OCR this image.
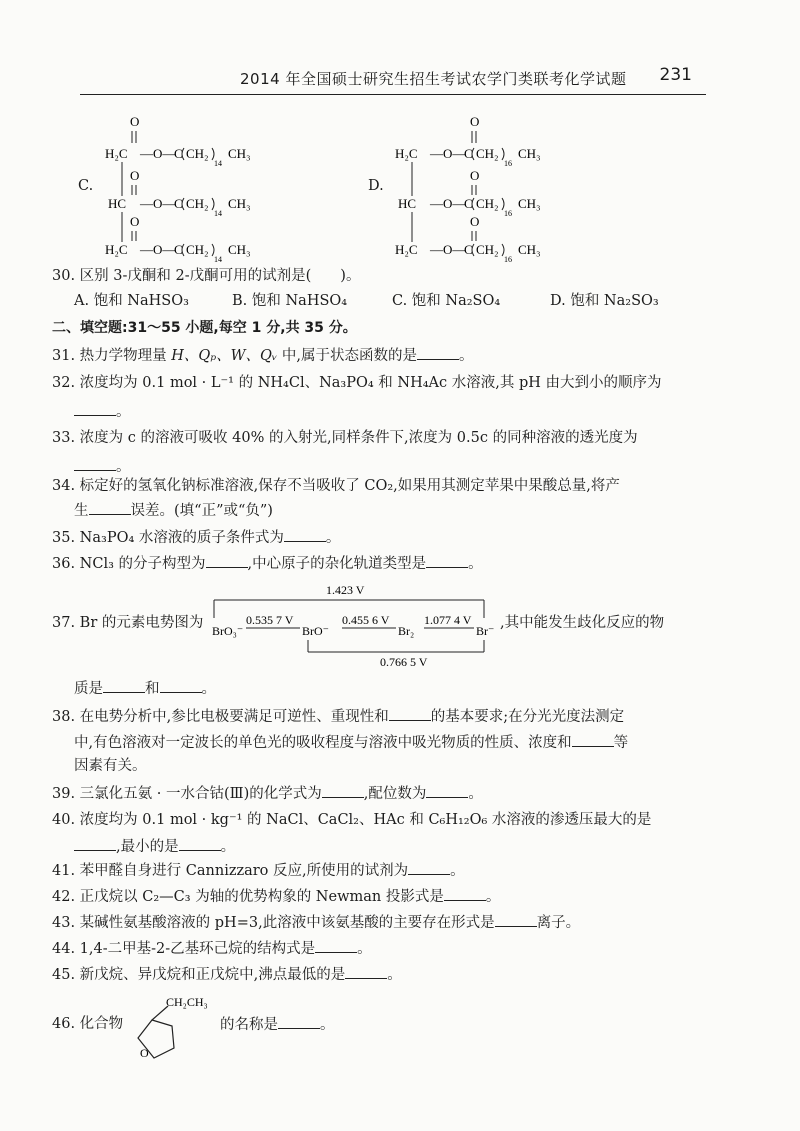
2014 年全国硕士研究生招生考试农学门类联考化学试题 231
C.
O
H₂C —O—
C CH₂
14
CH₃
O
HC —O—
C CH₂
14
CH₃
O
H₂C —O—
C CH₂
14
CH₃
D.
O
H₂C —O—
C CH₂
16
CH₃
O
HC —O—
C CH₂
16
CH₃
O
H₂C —O—
C CH₂
16
CH₃
30. 区别 3-戊酮和 2-戊酮可用的试剂是(　　)。
A. 饱和 NaHSO₃	B. 饱和 NaHSO₄	C. 饱和 Na₂SO₄	D. 饱和 Na₂SO₃
二、填空题:31～55 小题,每空 1 分,共 35 分。
31. 热力学物理量 H、Qₚ、W、Qᵥ 中,属于状态函数的是	。
32. 浓度均为 0.1 mol · L⁻¹ 的 NH₄Cl、Na₃PO₄ 和 NH₄Ac 水溶液,其 pH 由大到小的顺序为
。
33. 浓度为 c 的溶液可吸收 40% 的入射光,同样条件下,浓度为 0.5c 的同种溶液的透光度为
。
34. 标定好的氢氧化钠标准溶液,保存不当吸收了 CO₂,如果用其测定苹果中果酸总量,将产
生	误差。(填“正”或“负”)
35. Na₃PO₄ 水溶液的质子条件式为	。
36. NCl₃ 的分子构型为	,中心原子的杂化轨道类型是	。
37. Br 的元素电势图为	,其中能发生歧化反应的物
1.423 V
BrO₃⁻
0.535 7 V
BrO⁻
0.455 6 V
Br₂
1.077 4 V
Br⁻
0.766 5 V
质是	和	。
38. 在电势分析中,参比电极要满足可逆性、重现性和	的基本要求;在分光光度法测定
中,有色溶液对一定波长的单色光的吸收程度与溶液中吸光物质的性质、浓度和	等
因素有关。
39. 三氯化五氨 · 一水合钴(Ⅲ)的化学式为	,配位数为	。
40. 浓度均为 0.1 mol · kg⁻¹ 的 NaCl、CaCl₂、HAc 和 C₆H₁₂O₆ 水溶液的渗透压最大的是
,最小的是	。
41. 苯甲醛自身进行 Cannizzaro 反应,所使用的试剂为	。
42. 正戊烷以 C₂—C₃ 为轴的优势构象的 Newman 投影式是	。
43. 某碱性氨基酸溶液的 pH=3,此溶液中该氨基酸的主要存在形式是	离子。
44. 1,4-二甲基-2-乙基环己烷的结构式是	。
45. 新戊烷、异戊烷和正戊烷中,沸点最低的是	。
46. 化合物
CH₂CH₃
O
的名称是	。
